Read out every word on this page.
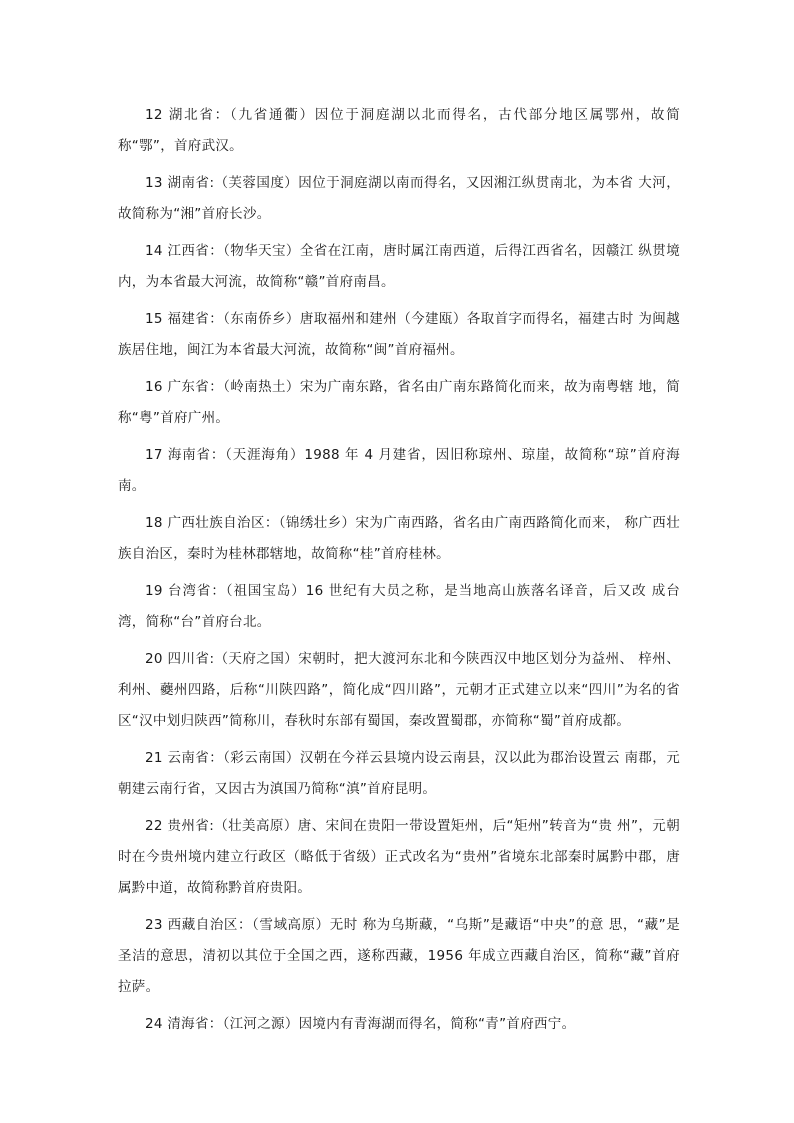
12 湖北省：（九省通衢）因位于洞庭湖以北而得名，古代部分地区属鄂州，故简 称“鄂”，首府武汉。

13 湖南省:（芙蓉国度）因位于洞庭湖以南而得名，又因湘江纵贯南北，为本省 大河，故简称为“湘”首府长沙。

14 江西省：（物华天宝）全省在江南，唐时属江南西道，后得江西省名，因赣江 纵贯境内，为本省最大河流，故简称“赣”首府南昌。

15 福建省：（东南侨乡）唐取福州和建州（今建瓯）各取首字而得名，福建古时 为闽越族居住地，闽江为本省最大河流，故简称“闽”首府福州。

16 广东省：（岭南热土）宋为广南东路，省名由广南东路简化而来，故为南粤辖 地，简称“粤”首府广州。

17 海南省：（天涯海角）1988 年 4 月建省，因旧称琼州、琼崖，故简称“琼”首府海南。

18 广西壮族自治区：（锦绣壮乡）宋为广南西路，省名由广南西路简化而来， 称广西壮族自治区，秦时为桂林郡辖地，故简称“桂”首府桂林。

19 台湾省：（祖国宝岛）16 世纪有大员之称，是当地高山族落名译音，后又改 成台湾，简称“台”首府台北。

20 四川省:（天府之国）宋朝时，把大渡河东北和今陕西汉中地区划分为益州、 梓州、利州、蘷州四路，后称“川陕四路”，简化成“四川路”，元朝才正式建立以来“四川”为名的省区“汉中划归陕西”简称川，春秋时东部有蜀国，秦改置蜀郡，亦简称“蜀”首府成都。

21 云南省：（彩云南国）汉朝在今祥云县境内设云南县，汉以此为郡治设置云 南郡，元朝建云南行省，又因古为滇国乃简称“滇”首府昆明。

22 贵州省:（壮美高原）唐、宋间在贵阳一带设置矩州，后“矩州”转音为“贵 州”，元朝时在今贵州境内建立行政区（略低于省级）正式改名为“贵州”省境东北部秦时属黔中郡，唐属黔中道，故简称黔首府贵阳。

23 西藏自治区：（雪域高原）无时 称为乌斯藏，“乌斯”是藏语“中央”的意 思，“藏”是圣洁的意思，清初以其位于全国之西，遂称西藏，1956 年成立西藏自治区，简称“藏”首府拉萨。

24 清海省：（江河之源）因境内有青海湖而得名，简称“青”首府西宁。
